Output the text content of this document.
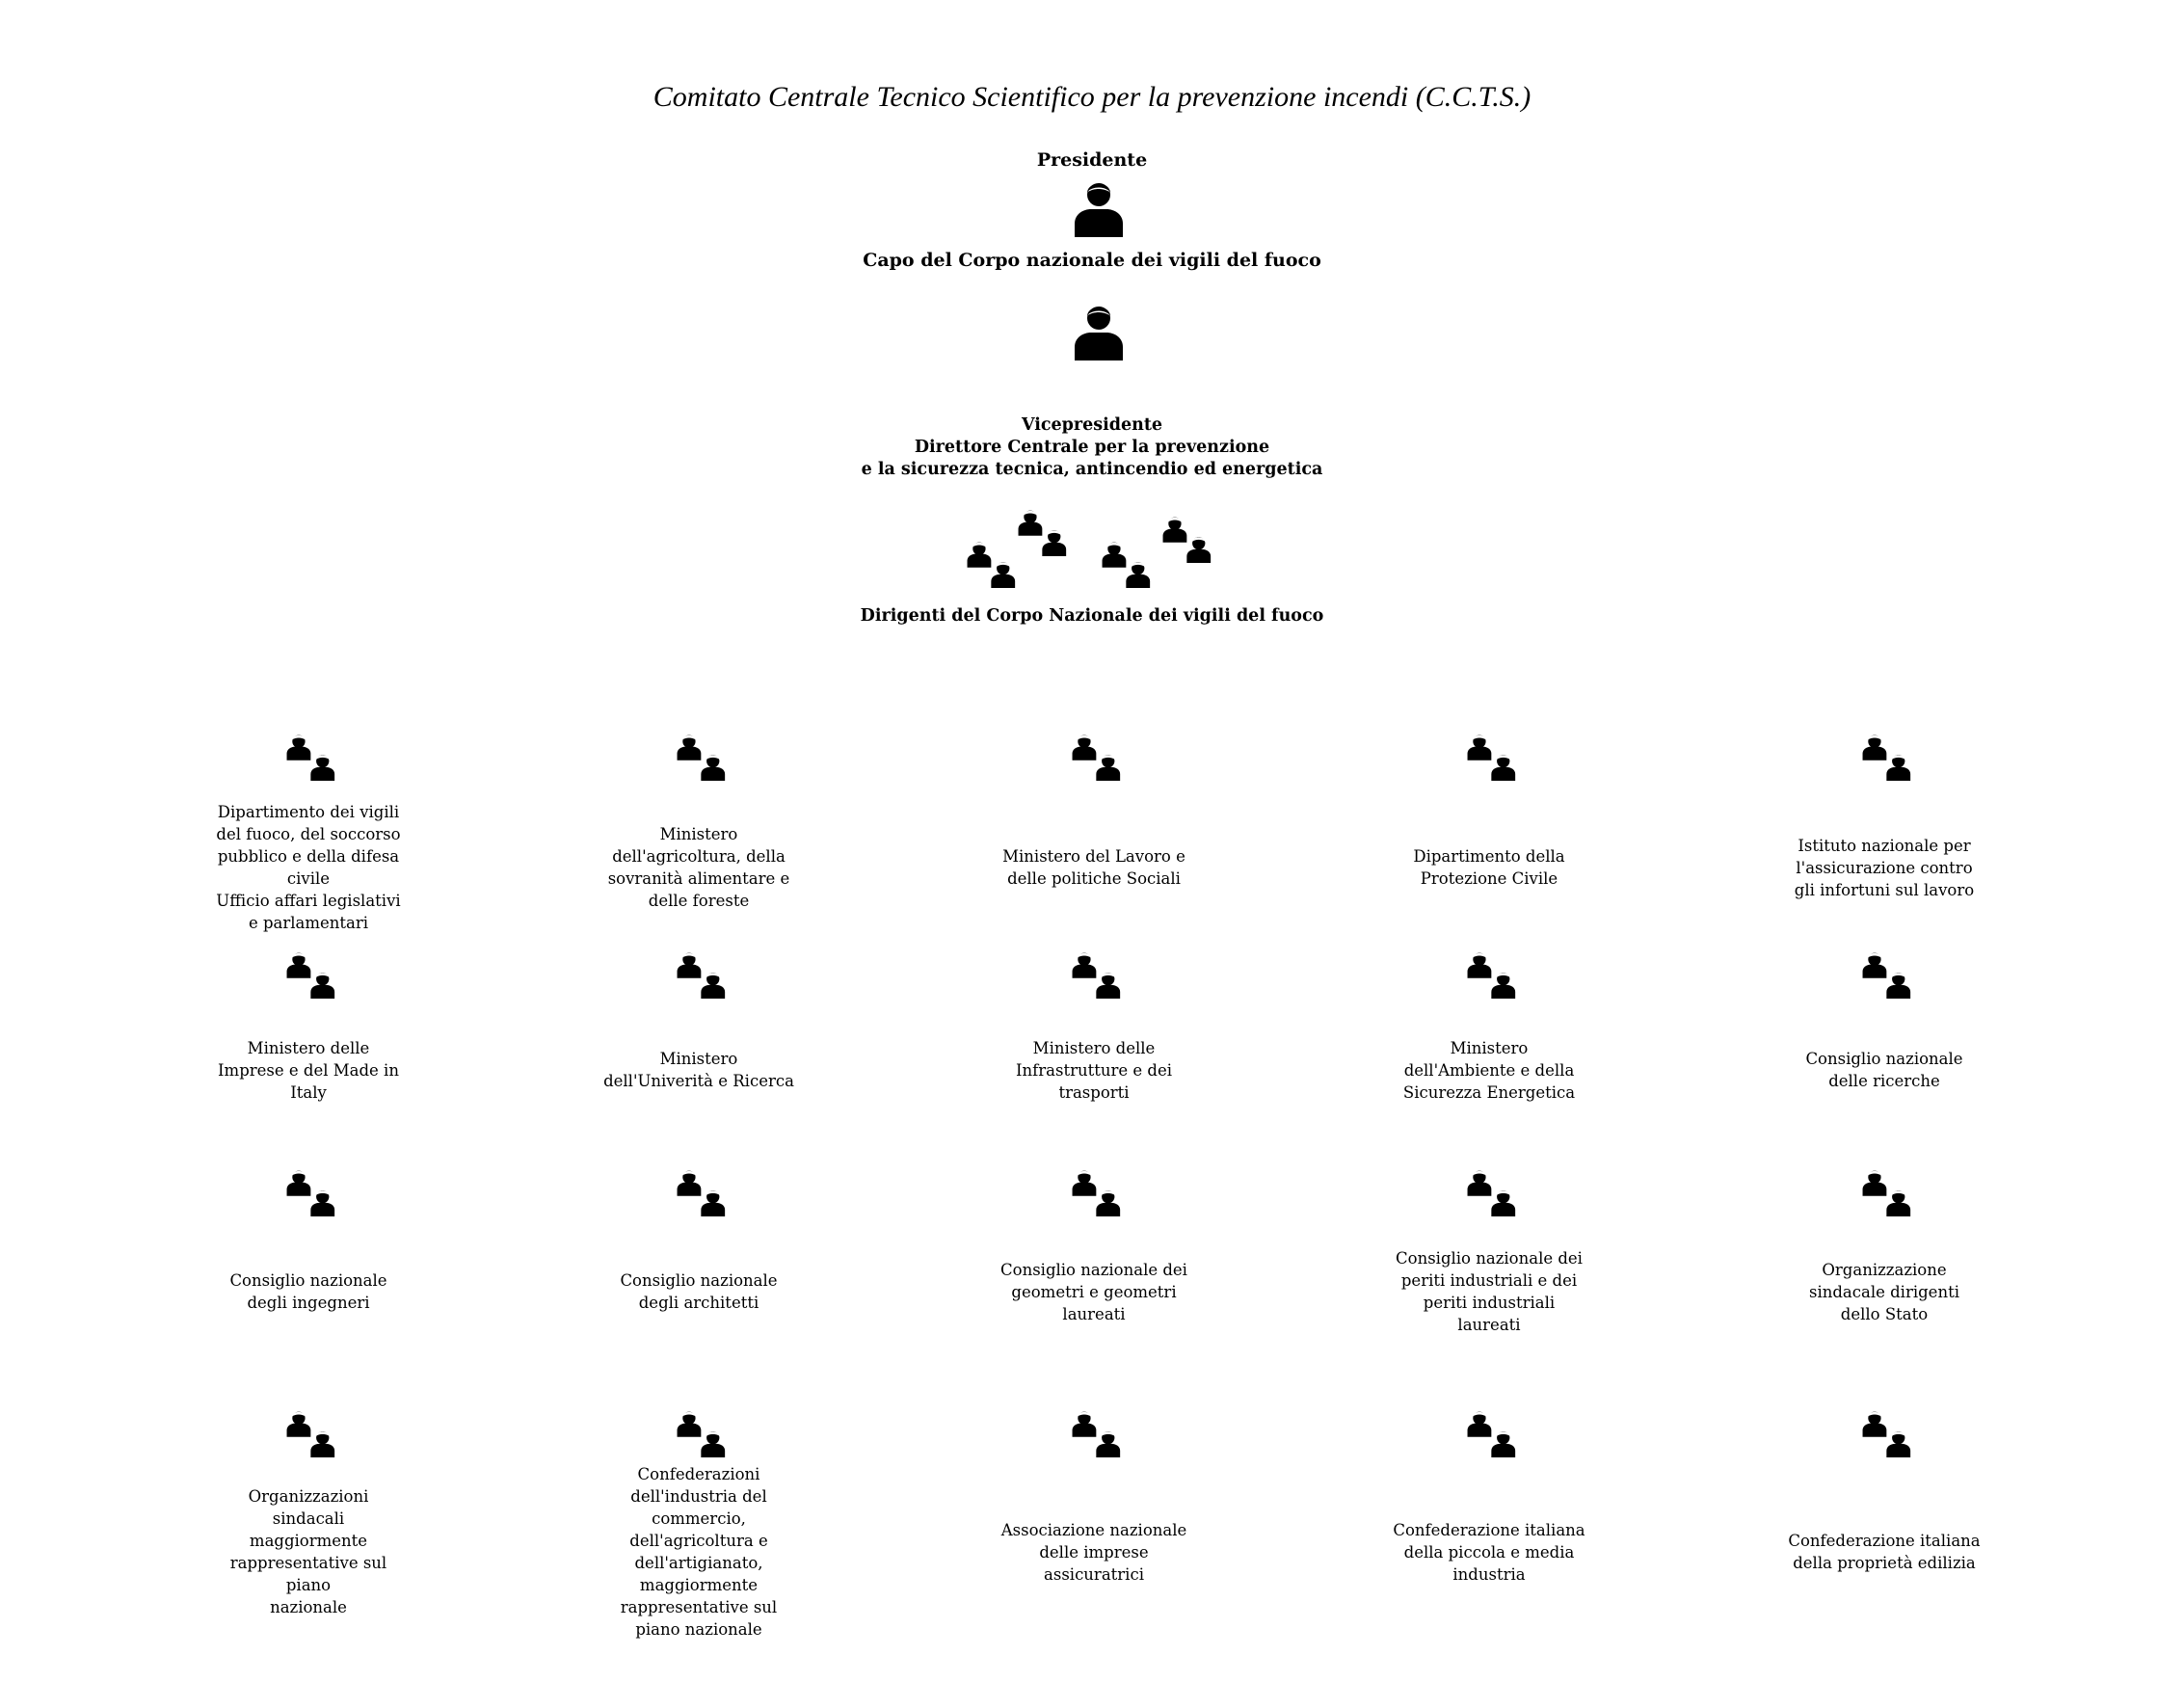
Comitato Centrale Tecnico Scientifico per la prevenzione incendi (C.C.T.S.)
Presidente
Capo del Corpo nazionale dei vigili del fuoco
Vicepresidente
Direttore Centrale per la prevenzione
e la sicurezza tecnica, antincendio ed energetica
Dirigenti del Corpo Nazionale dei vigili del fuoco
Dipartimento dei vigili
del fuoco, del soccorso
pubblico e della difesa
civile
Ufficio affari legislativi
e parlamentari
Ministero
dell'agricoltura, della
sovranità alimentare e
delle foreste
Ministero del Lavoro e
delle politiche Sociali
Dipartimento della
Protezione Civile
Istituto nazionale per
l'assicurazione contro
gli infortuni sul lavoro
Ministero delle
Imprese e del Made in
Italy
Ministero
dell'Univerità e Ricerca
Ministero delle
Infrastrutture e dei
trasporti
Ministero
dell'Ambiente e della
Sicurezza Energetica
Consiglio nazionale
delle ricerche
Consiglio nazionale
degli ingegneri
Consiglio nazionale
degli architetti
Consiglio nazionale dei
geometri e geometri
laureati
Consiglio nazionale dei
periti industriali e dei
periti industriali
laureati
Organizzazione
sindacale dirigenti
dello Stato
Organizzazioni
sindacali
maggiormente
rappresentative sul
piano
nazionale
Confederazioni
dell'industria del
commercio,
dell'agricoltura e
dell'artigianato,
maggiormente
rappresentative sul
piano nazionale
Associazione nazionale
delle imprese
assicuratrici
Confederazione italiana
della piccola e media
industria
Confederazione italiana
della proprietà edilizia
